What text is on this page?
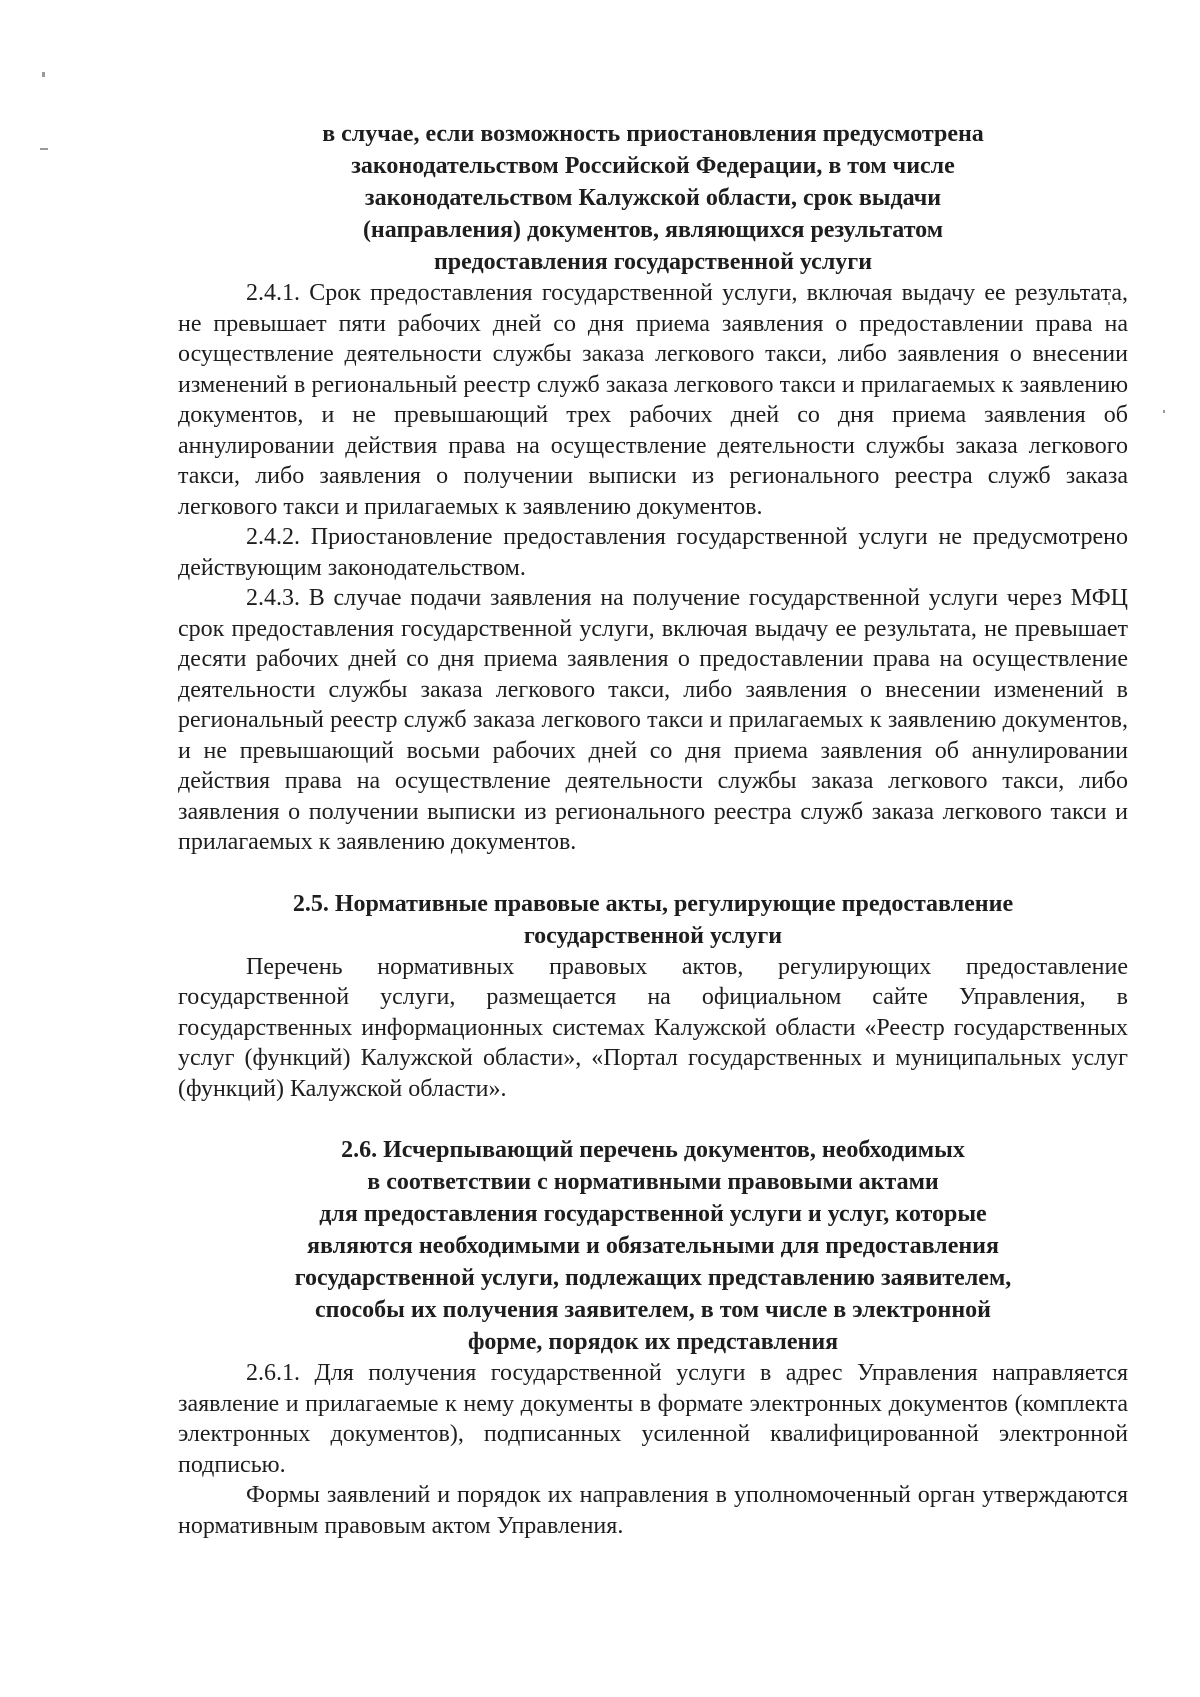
в случае, если возможность приостановления предусмотрена
законодательством Российской Федерации, в том числе
законодательством Калужской области, срок выдачи
(направления) документов, являющихся результатом
предоставления государственной услуги

2.4.1. Срок предоставления государственной услуги, включая выдачу ее результата, не превышает пяти рабочих дней со дня приема заявления о предоставлении права на осуществление деятельности службы заказа легкового такси, либо заявления о внесении изменений в региональный реестр служб заказа легкового такси и прилагаемых к заявлению документов, и не превышающий трех рабочих дней со дня приема заявления об аннулировании действия права на осуществление деятельности службы заказа легкового такси, либо заявления о получении выписки из регионального реестра служб заказа легкового такси и прилагаемых к заявлению документов.

2.4.2. Приостановление предоставления государственной услуги не предусмотрено действующим законодательством.

2.4.3. В случае подачи заявления на получение государственной услуги через МФЦ срок предоставления государственной услуги, включая выдачу ее результата, не превышает десяти рабочих дней со дня приема заявления о предоставлении права на осуществление деятельности службы заказа легкового такси, либо заявления о внесении изменений в региональный реестр служб заказа легкового такси и прилагаемых к заявлению документов, и не превышающий восьми рабочих дней со дня приема заявления об аннулировании действия права на осуществление деятельности службы заказа легкового такси, либо заявления о получении выписки из регионального реестра служб заказа легкового такси и прилагаемых к заявлению документов.

2.5. Нормативные правовые акты, регулирующие предоставление
государственной услуги

Перечень нормативных правовых актов, регулирующих предоставление государственной услуги, размещается на официальном сайте Управления, в государственных информационных системах Калужской области «Реестр государственных услуг (функций) Калужской области», «Портал государственных и муниципальных услуг (функций) Калужской области».

2.6. Исчерпывающий перечень документов, необходимых
в соответствии с нормативными правовыми актами
для предоставления государственной услуги и услуг, которые
являются необходимыми и обязательными для предоставления
государственной услуги, подлежащих представлению заявителем,
способы их получения заявителем, в том числе в электронной
форме, порядок их представления

2.6.1. Для получения государственной услуги в адрес Управления направляется заявление и прилагаемые к нему документы в формате электронных документов (комплекта электронных документов), подписанных усиленной квалифицированной электронной подписью.

Формы заявлений и порядок их направления в уполномоченный орган утверждаются нормативным правовым актом Управления.
